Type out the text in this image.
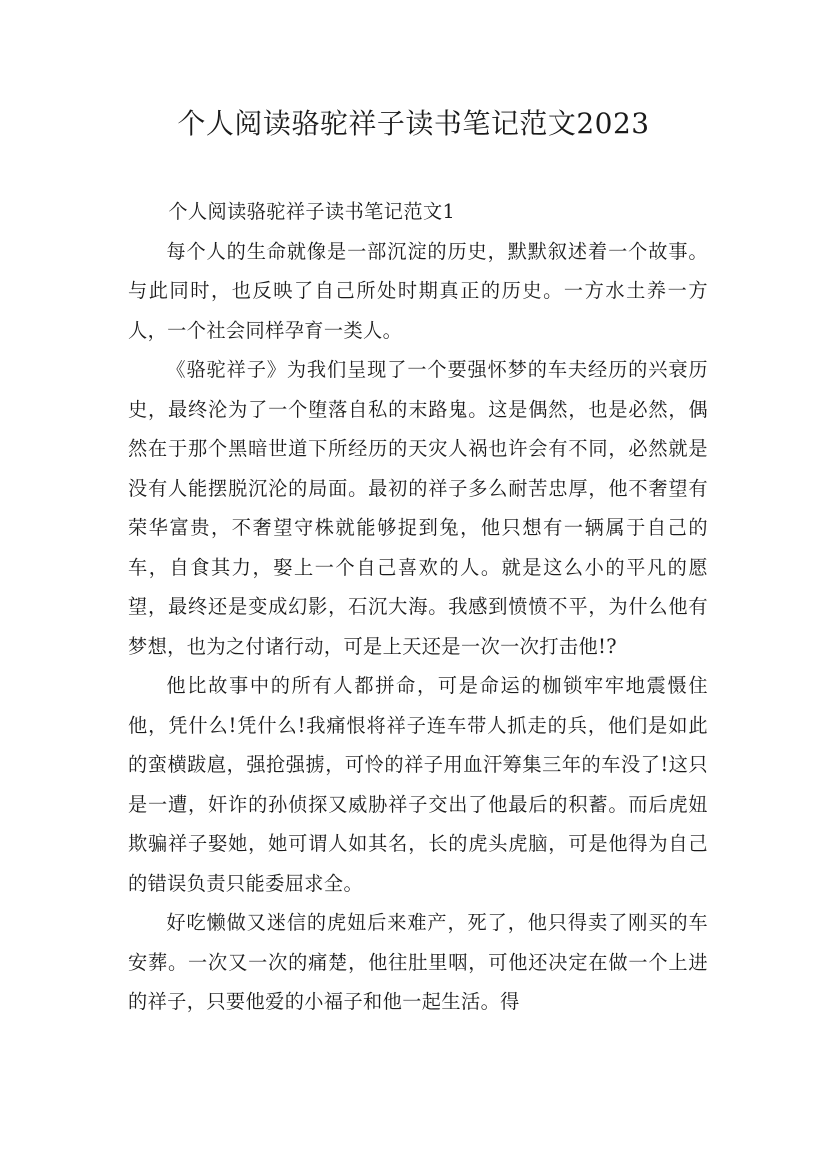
个人阅读骆驼祥子读书笔记范文2023

个人阅读骆驼祥子读书笔记范文1

每个人的生命就像是一部沉淀的历史，默默叙述着一个故事。与此同时，也反映了自己所处时期真正的历史。一方水土养一方人，一个社会同样孕育一类人。

《骆驼祥子》为我们呈现了一个要强怀梦的车夫经历的兴衰历史，最终沦为了一个堕落自私的末路鬼。这是偶然，也是必然，偶然在于那个黑暗世道下所经历的天灾人祸也许会有不同，必然就是没有人能摆脱沉沦的局面。最初的祥子多么耐苦忠厚，他不奢望有荣华富贵，不奢望守株就能够捉到兔，他只想有一辆属于自己的车，自食其力，娶上一个自己喜欢的人。就是这么小的平凡的愿望，最终还是变成幻影，石沉大海。我感到愤愤不平，为什么他有梦想，也为之付诸行动，可是上天还是一次一次打击他!?

他比故事中的所有人都拼命，可是命运的枷锁牢牢地震慑住他，凭什么!凭什么!我痛恨将祥子连车带人抓走的兵，他们是如此的蛮横跋扈，强抢强掳，可怜的祥子用血汗筹集三年的车没了!这只是一遭，奸诈的孙侦探又威胁祥子交出了他最后的积蓄。而后虎妞欺骗祥子娶她，她可谓人如其名，长的虎头虎脑，可是他得为自己的错误负责只能委屈求全。

好吃懒做又迷信的虎妞后来难产，死了，他只得卖了刚买的车安葬。一次又一次的痛楚，他往肚里咽，可他还决定在做一个上进的祥子，只要他爱的小福子和他一起生活。得
